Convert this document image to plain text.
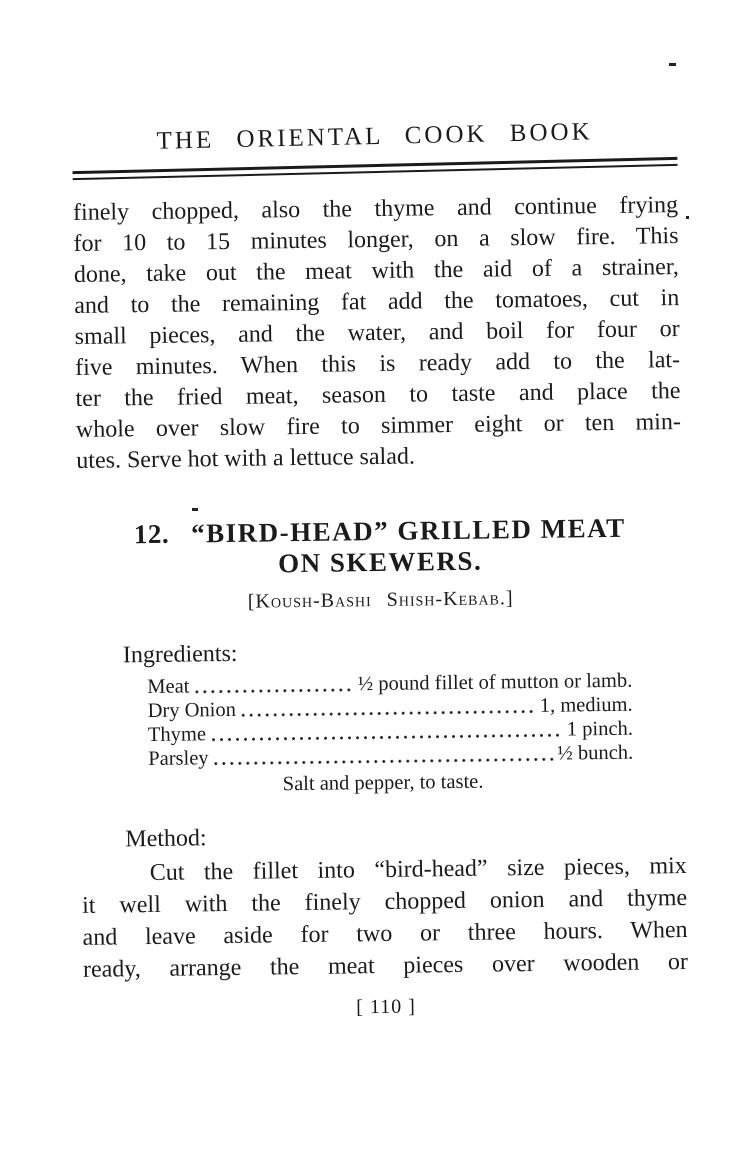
THE ORIENTAL COOK BOOK
finely chopped, also the thyme and continue frying
for 10 to 15 minutes longer, on a slow fire. This
done, take out the meat with the aid of a strainer,
and to the remaining fat add the tomatoes, cut in
small pieces, and the water, and boil for four or
five minutes. When this is ready add to the lat-
ter the fried meat, season to taste and place the
whole over slow fire to simmer eight or ten min-
utes. Serve hot with a lettuce salad.
12. “BIRD-HEAD” GRILLED MEAT
ON SKEWERS.
[Koush-Bashi Shish-Kebab.]
Ingredients:
Meat	½ pound fillet of mutton or lamb.
Dry Onion	1, medium.
Thyme	1 pinch.
Parsley	½ bunch.
Salt and pepper, to taste.
Method:
Cut the fillet into “bird-head” size pieces, mix
it well with the finely chopped onion and thyme
and leave aside for two or three hours. When
ready, arrange the meat pieces over wooden or
[ 110 ]
